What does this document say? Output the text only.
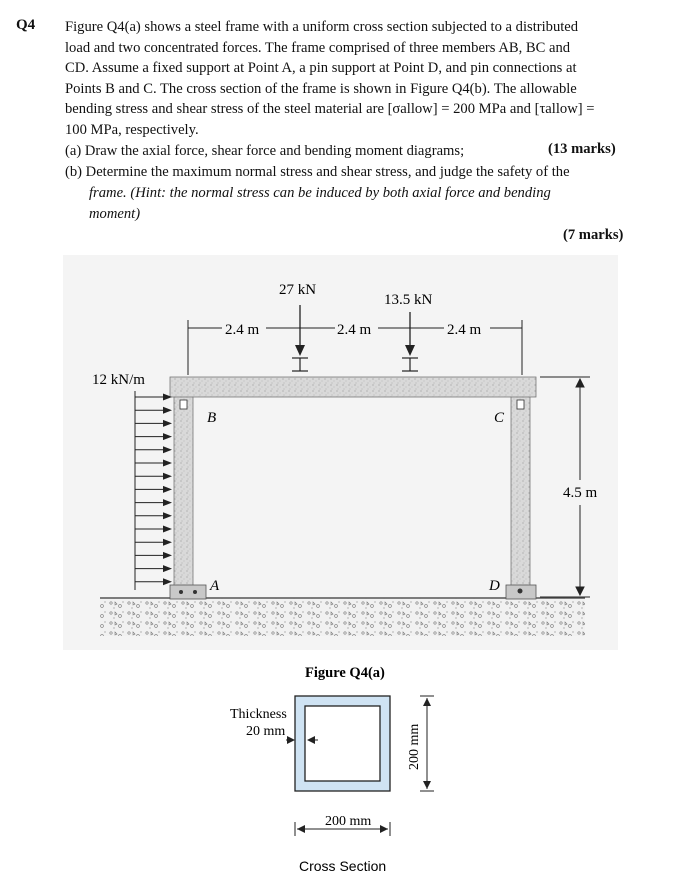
Q4 Figure Q4(a) shows a steel frame with a uniform cross section subjected to a distributed

load and two concentrated forces. The frame comprised of three members AB, BC and

CD. Assume a fixed support at Point A, a pin support at Point D, and pin connections at

Points B and C. The cross section of the frame is shown in Figure Q4(b). The allowable

bending stress and shear stress of the steel material are [σallow] = 200 MPa and [τallow] =

100 MPa, respectively.

(a) Draw the axial force, shear force and bending moment diagrams;	(13 marks)
(b) Determine the maximum normal stress and shear stress, and judge the safety of the
frame. (Hint: the normal stress can be induced by both axial force and bending
moment)
(7 marks)
27 kN
13.5 kN
2.4 m	2.4 m	2.4 m
12 kN/m
B	C
A	D
4.5 m
Figure Q4(a)
Thickness
20 mm
200 mm
200 mm
Cross Section
